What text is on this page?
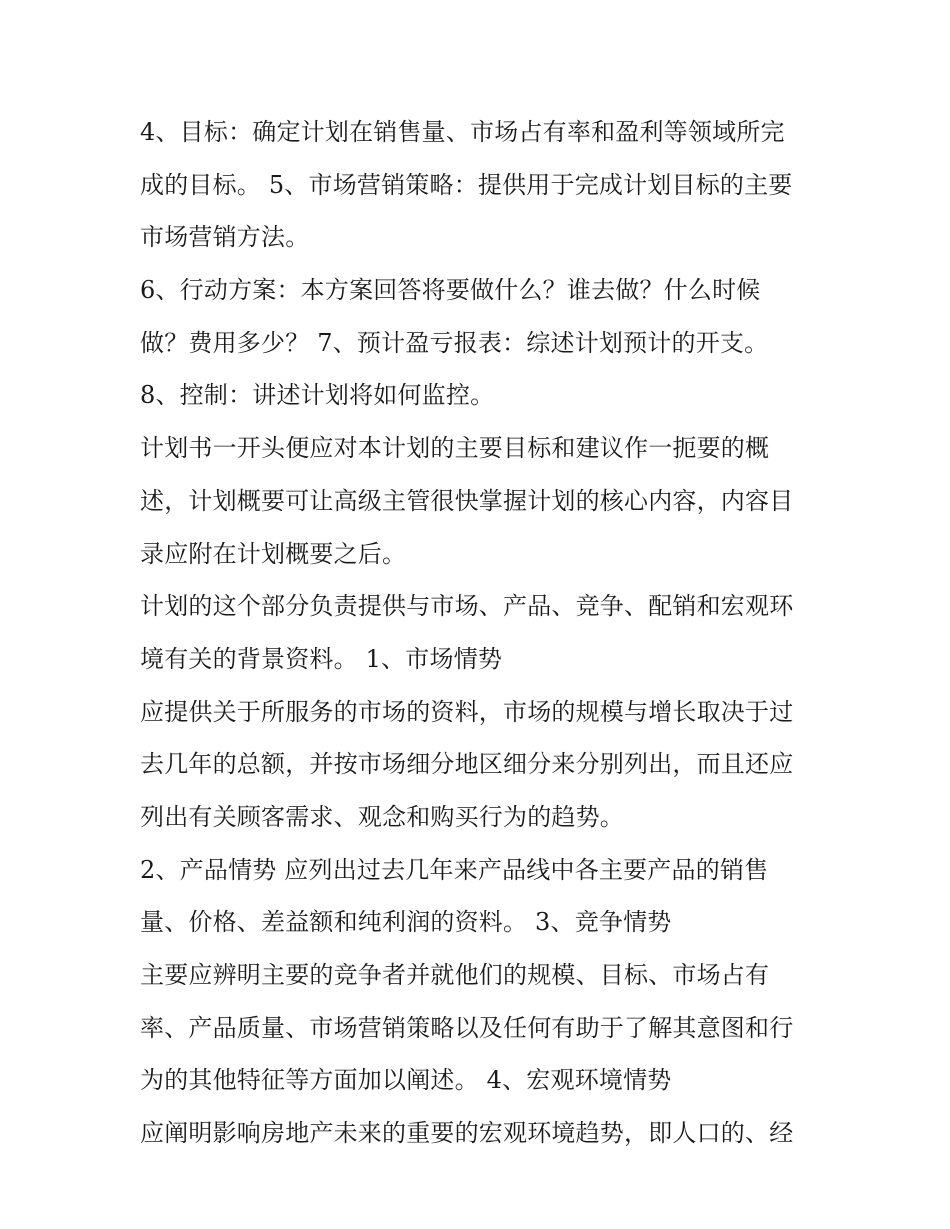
4、目标：确定计划在销售量、市场占有率和盈利等领域所完
成的目标。 5、市场营销策略：提供用于完成计划目标的主要
市场营销方法。
6、行动方案：本方案回答将要做什么？谁去做？什么时候
做？费用多少？ 7、预计盈亏报表：综述计划预计的开支。
8、控制：讲述计划将如何监控。
计划书一开头便应对本计划的主要目标和建议作一扼要的概
述，计划概要可让高级主管很快掌握计划的核心内容，内容目
录应附在计划概要之后。
计划的这个部分负责提供与市场、产品、竞争、配销和宏观环
境有关的背景资料。 1、市场情势
应提供关于所服务的市场的资料，市场的规模与增长取决于过
去几年的总额，并按市场细分地区细分来分别列出，而且还应
列出有关顾客需求、观念和购买行为的趋势。
2、产品情势 应列出过去几年来产品线中各主要产品的销售
量、价格、差益额和纯利润的资料。 3、竞争情势
主要应辨明主要的竞争者并就他们的规模、目标、市场占有
率、产品质量、市场营销策略以及任何有助于了解其意图和行
为的其他特征等方面加以阐述。 4、宏观环境情势
应阐明影响房地产未来的重要的宏观环境趋势，即人口的、经
